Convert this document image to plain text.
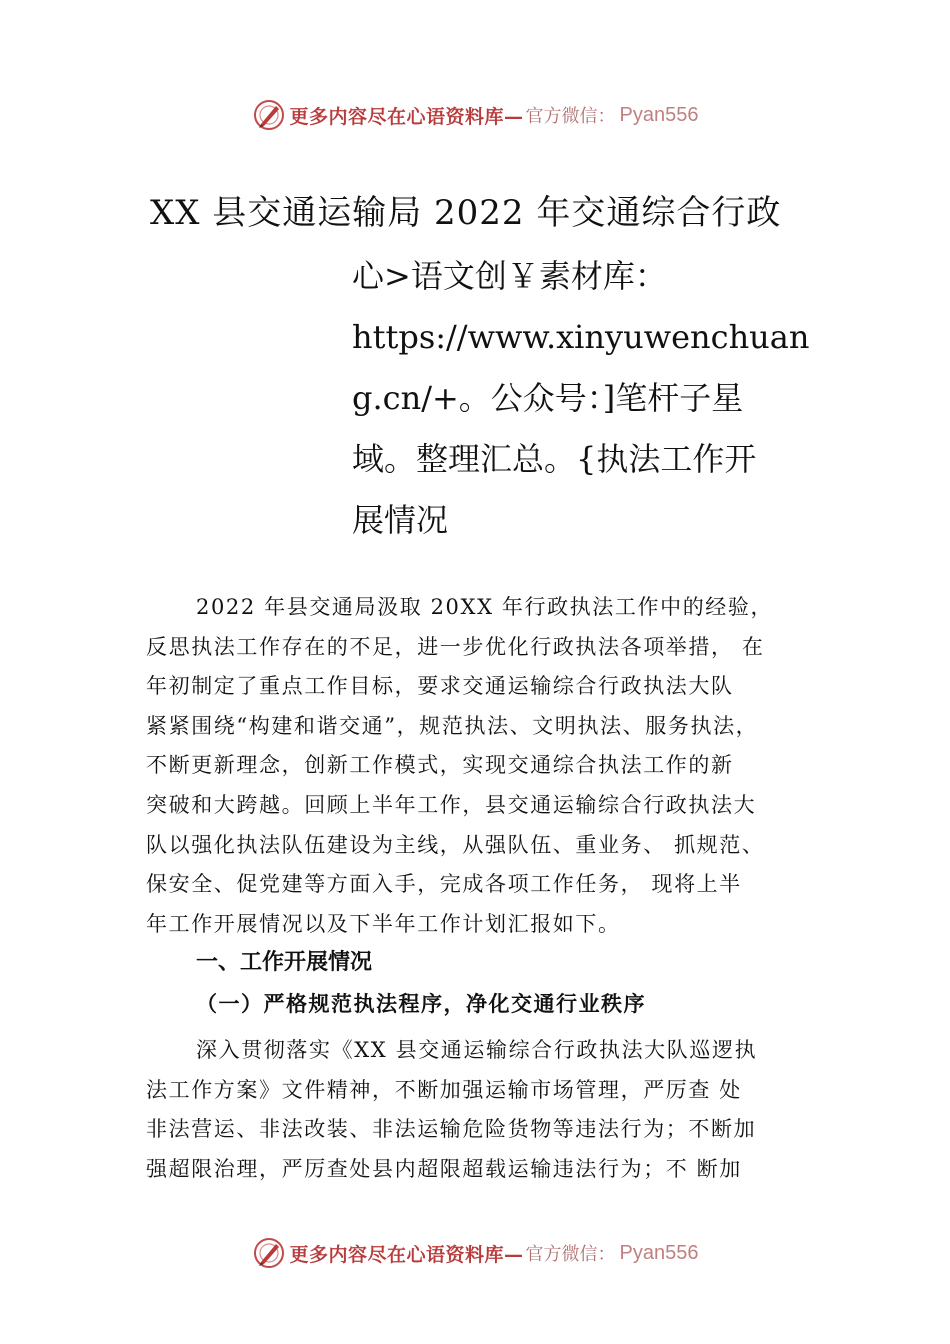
更多内容尽在心语资料库— 官方微信： Pyan556
XX 县交通运输局 2022 年交通综合行政
心>语文创￥素材库：
https://www.xinyuwenchuan
g.cn/+。公众号：]笔杆子星
域。整理汇总。{执法工作开
展情况
2022 年县交通局汲取 20XX 年行政执法工作中的经验，
反思执法工作存在的不足，进一步优化行政执法各项举措， 在
年初制定了重点工作目标，要求交通运输综合行政执法大队
紧紧围绕“构建和谐交通”，规范执法、文明执法、服务执法，
不断更新理念，创新工作模式，实现交通综合执法工作的新
突破和大跨越。回顾上半年工作，县交通运输综合行政执法大
队以强化执法队伍建设为主线，从强队伍、重业务、 抓规范、
保安全、促党建等方面入手，完成各项工作任务， 现将上半
年工作开展情况以及下半年工作计划汇报如下。
一、工作开展情况
（一）严格规范执法程序，净化交通行业秩序
深入贯彻落实《XX 县交通运输综合行政执法大队巡逻执
法工作方案》文件精神，不断加强运输市场管理，严厉查 处
非法营运、非法改装、非法运输危险货物等违法行为；不断加
强超限治理，严厉查处县内超限超载运输违法行为；不 断加
更多内容尽在心语资料库— 官方微信： Pyan556
